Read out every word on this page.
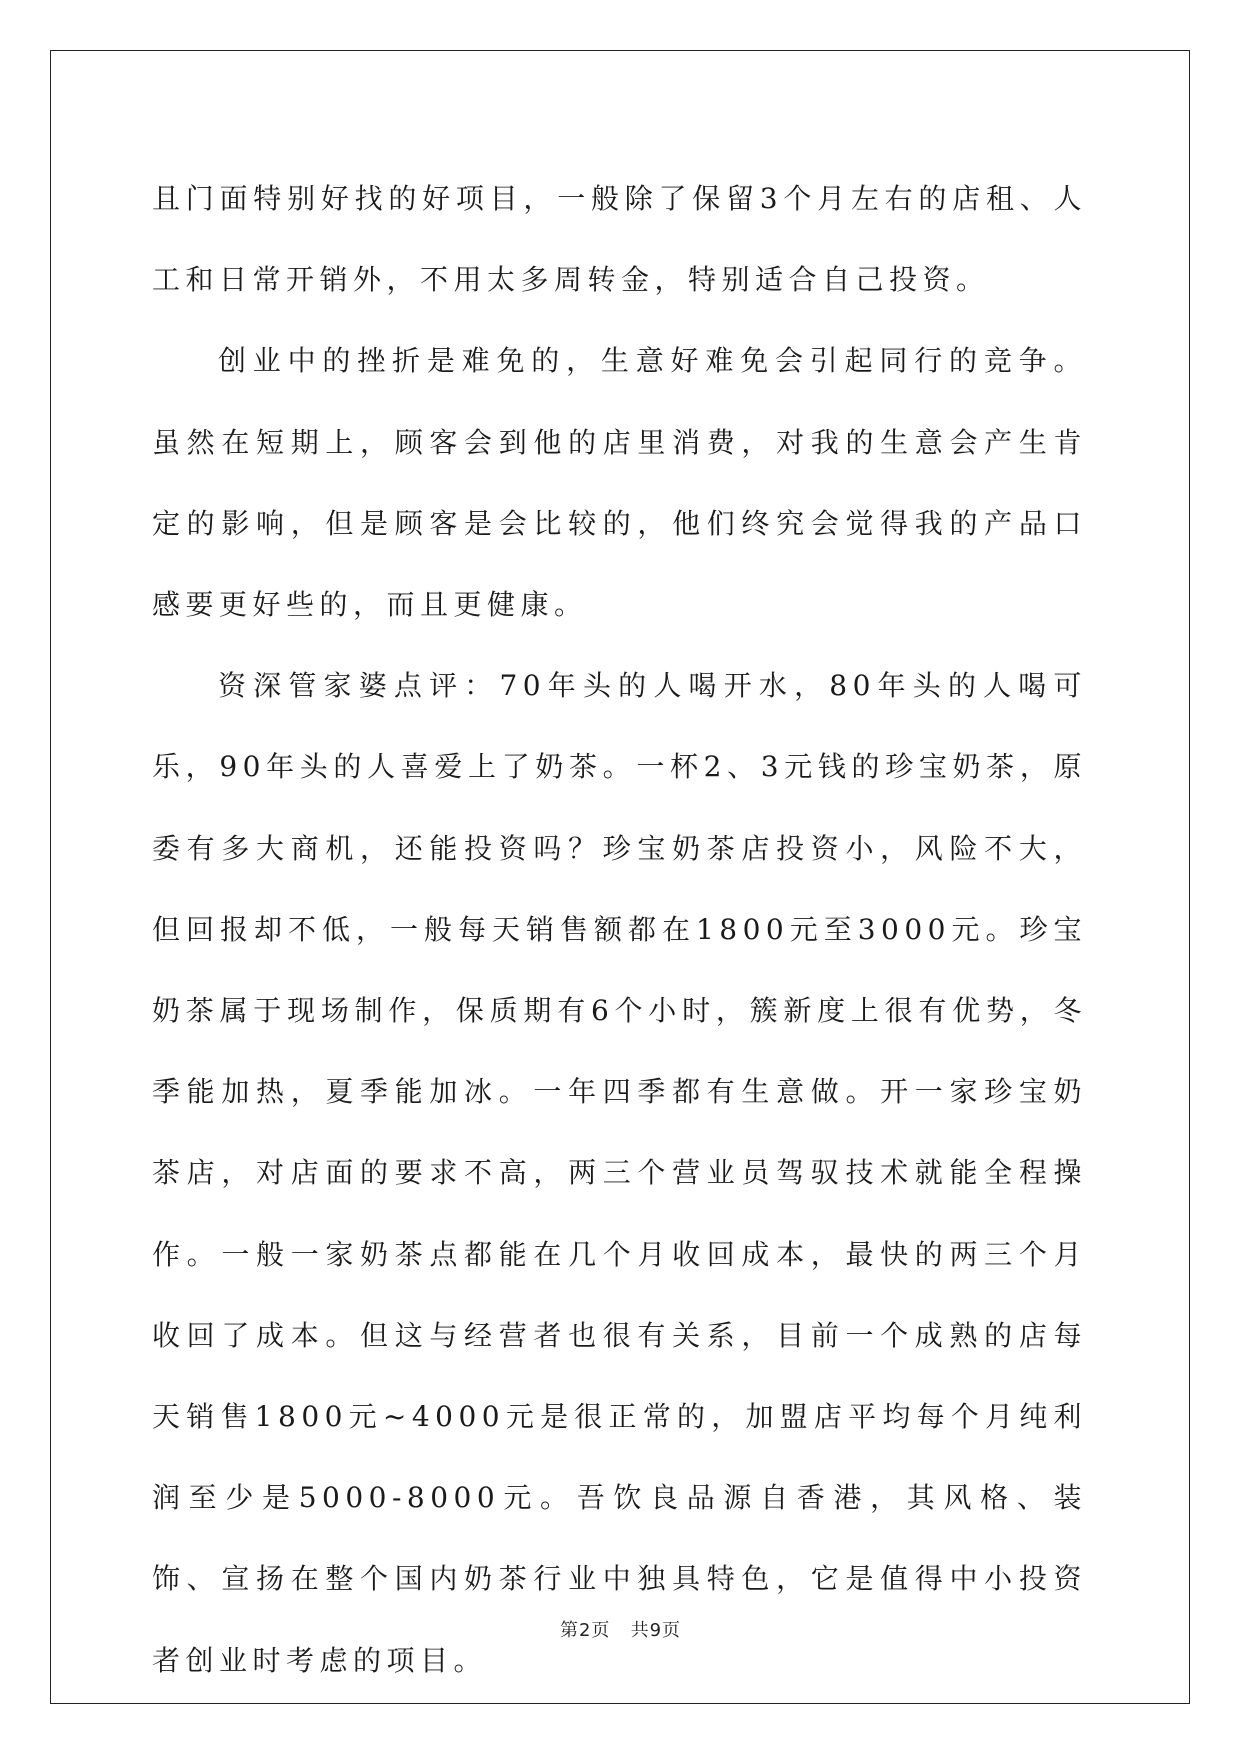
且门面特别好找的好项目，一般除了保留3个月左右的店租、人工和日常开销外，不用太多周转金，特别适合自己投资。

创业中的挫折是难免的，生意好难免会引起同行的竞争。虽然在短期上，顾客会到他的店里消费，对我的生意会产生肯定的影响，但是顾客是会比较的，他们终究会觉得我的产品口感要更好些的，而且更健康。

资深管家婆点评：70年头的人喝开水，80年头的人喝可乐，90年头的人喜爱上了奶茶。一杯2、3元钱的珍宝奶茶，原委有多大商机，还能投资吗？珍宝奶茶店投资小，风险不大，但回报却不低，一般每天销售额都在1800元至3000元。珍宝奶茶属于现场制作，保质期有6个小时，簇新度上很有优势，冬季能加热，夏季能加冰。一年四季都有生意做。开一家珍宝奶茶店，对店面的要求不高，两三个营业员驾驭技术就能全程操作。一般一家奶茶点都能在几个月收回成本，最快的两三个月收回了成本。但这与经营者也很有关系，目前一个成熟的店每天销售1800元~4000元是很正常的，加盟店平均每个月纯利润至少是5000-8000元。吾饮良品源自香港，其风格、装饰、宣扬在整个国内奶茶行业中独具特色，它是值得中小投资者创业时考虑的项目。

第2页 共9页
